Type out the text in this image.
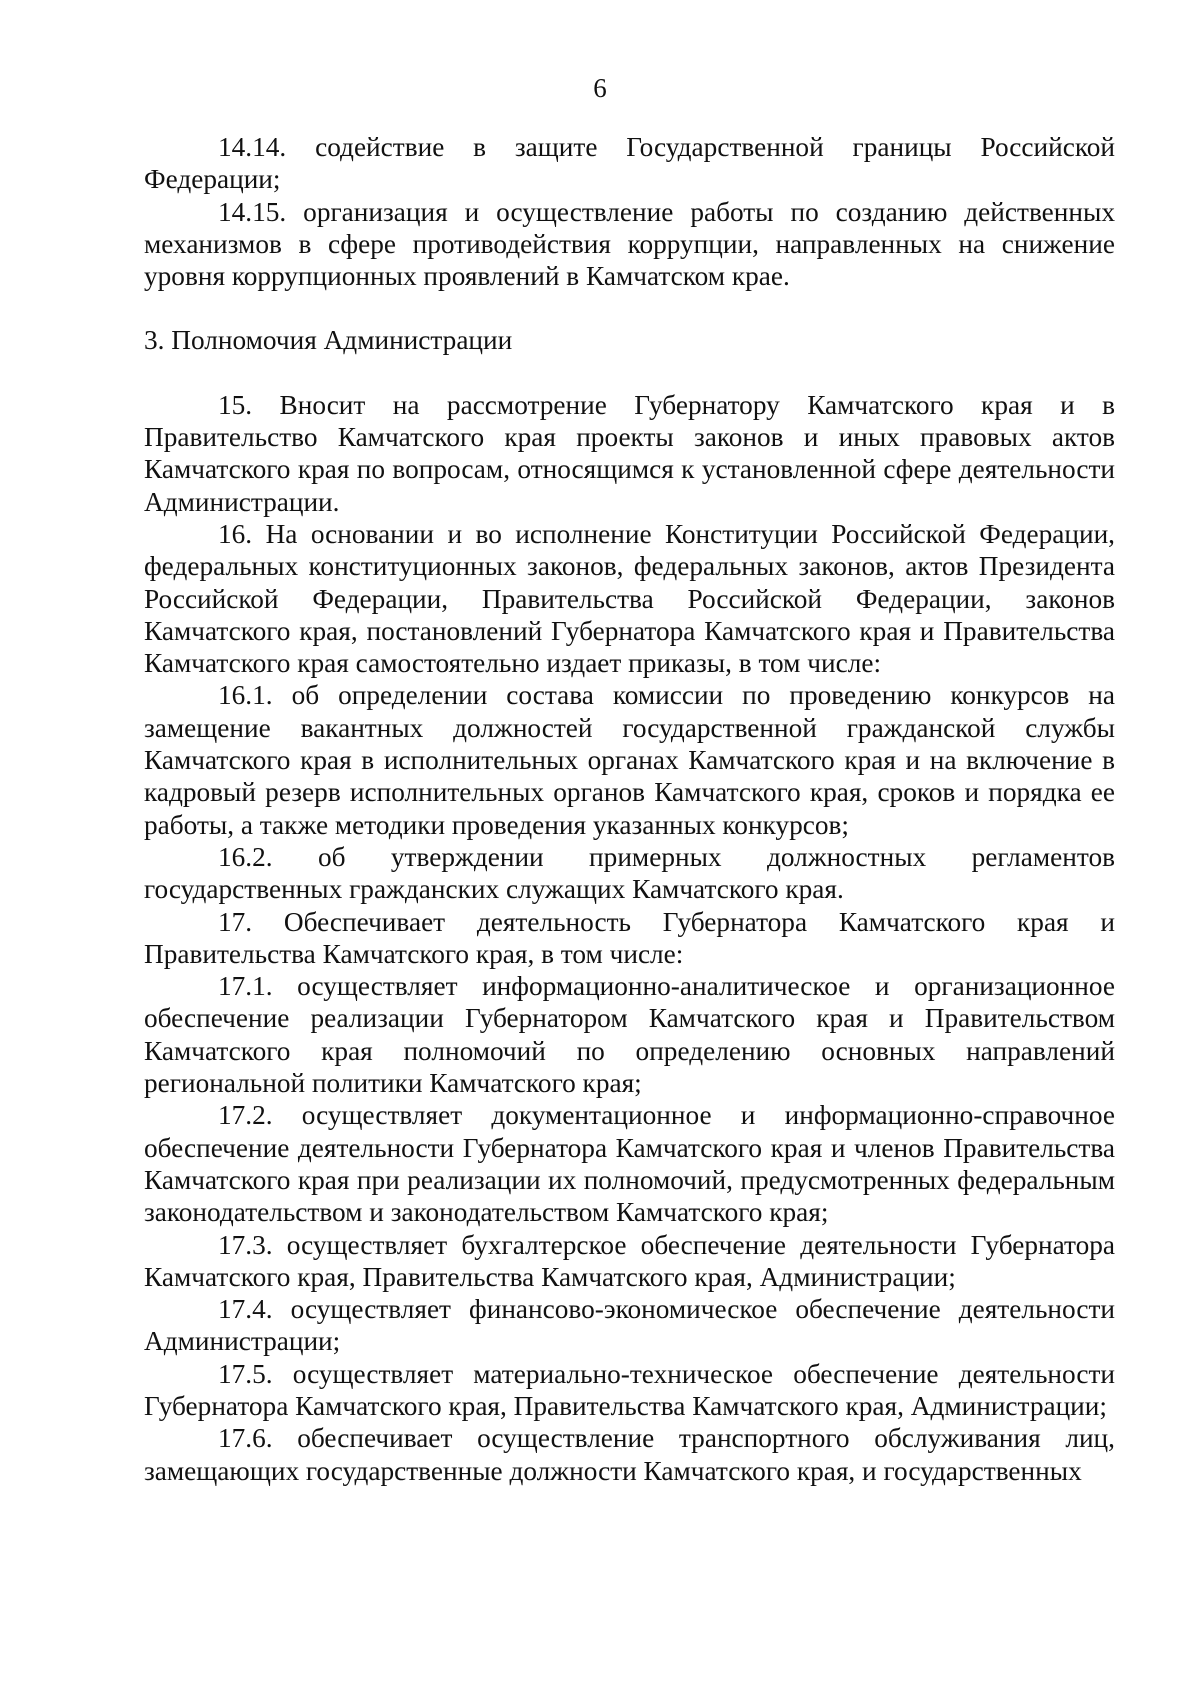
6

14.14. содействие в защите Государственной границы Российской Федерации;

14.15. организация и осуществление работы по созданию действенных механизмов в сфере противодействия коррупции, направленных на снижение уровня коррупционных проявлений в Камчатском крае.

3. Полномочия Администрации

15. Вносит на рассмотрение Губернатору Камчатского края и в Правительство Камчатского края проекты законов и иных правовых актов Камчатского края по вопросам, относящимся к установленной сфере деятельности Администрации.

16. На основании и во исполнение Конституции Российской Федерации, федеральных конституционных законов, федеральных законов, актов Президента Российской Федерации, Правительства Российской Федерации, законов Камчатского края, постановлений Губернатора Камчатского края и Правительства Камчатского края самостоятельно издает приказы, в том числе:

16.1. об определении состава комиссии по проведению конкурсов на замещение вакантных должностей государственной гражданской службы Камчатского края в исполнительных органах Камчатского края и на включение в кадровый резерв исполнительных органов Камчатского края, сроков и порядка ее работы, а также методики проведения указанных конкурсов;

16.2. об утверждении примерных должностных регламентов государственных гражданских служащих Камчатского края.

17. Обеспечивает деятельность Губернатора Камчатского края и Правительства Камчатского края, в том числе:

17.1. осуществляет информационно-аналитическое и организационное обеспечение реализации Губернатором Камчатского края и Правительством Камчатского края полномочий по определению основных направлений региональной политики Камчатского края;

17.2. осуществляет документационное и информационно-справочное обеспечение деятельности Губернатора Камчатского края и членов Правительства Камчатского края при реализации их полномочий, предусмотренных федеральным законодательством и законодательством Камчатского края;

17.3. осуществляет бухгалтерское обеспечение деятельности Губернатора Камчатского края, Правительства Камчатского края, Администрации;

17.4. осуществляет финансово-экономическое обеспечение деятельности Администрации;

17.5. осуществляет материально-техническое обеспечение деятельности Губернатора Камчатского края, Правительства Камчатского края, Администрации;

17.6. обеспечивает осуществление транспортного обслуживания лиц, замещающих государственные должности Камчатского края, и государственных
